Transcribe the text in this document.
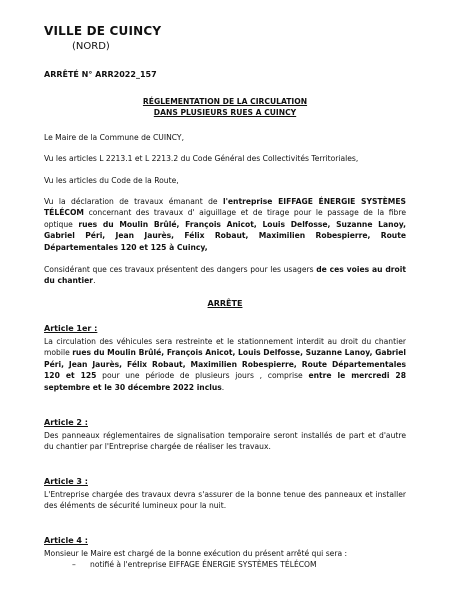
VILLE DE CUINCY
(NORD)
ARRÊTÉ N° ARR2022_157
RÉGLEMENTATION DE LA CIRCULATION
DANS PLUSIEURS RUES A CUINCY
Le Maire de la Commune de CUINCY,
Vu les articles L 2213.1 et L 2213.2 du Code Général des Collectivités Territoriales,
Vu les articles du Code de la Route,
Vu la déclaration de travaux émanant de l'entreprise EIFFAGE ÉNERGIE SYSTÈMES TÉLÉCOM concernant des travaux d' aiguillage et de tirage pour le passage de la fibre optique rues du Moulin Brûlé, François Anicot, Louis Delfosse, Suzanne Lanoy, Gabriel Péri, Jean Jaurès, Félix Robaut, Maximilien Robespierre, Route Départementales 120 et 125 à Cuincy,
Considérant que ces travaux présentent des dangers pour les usagers de ces voies au droit du chantier.
ARRÊTE
Article 1er :
La circulation des véhicules sera restreinte et le stationnement interdit au droit du chantier mobile rues du Moulin Brûlé, François Anicot, Louis Delfosse, Suzanne Lanoy, Gabriel Péri, Jean Jaurès, Félix Robaut, Maximilien Robespierre, Route Départementales 120 et 125 pour une période de plusieurs jours , comprise entre le mercredi 28 septembre et le 30 décembre 2022 inclus.
Article 2 :
Des panneaux réglementaires de signalisation temporaire seront installés de part et d'autre du chantier par l'Entreprise chargée de réaliser les travaux.
Article 3 :
L'Entreprise chargée des travaux devra s'assurer de la bonne tenue des panneaux et installer des éléments de sécurité lumineux pour la nuit.
Article 4 :
Monsieur le Maire est chargé de la bonne exécution du présent arrêté qui sera :
– notifié à l'entreprise EIFFAGE ÉNERGIE SYSTÈMES TÉLÉCOM
